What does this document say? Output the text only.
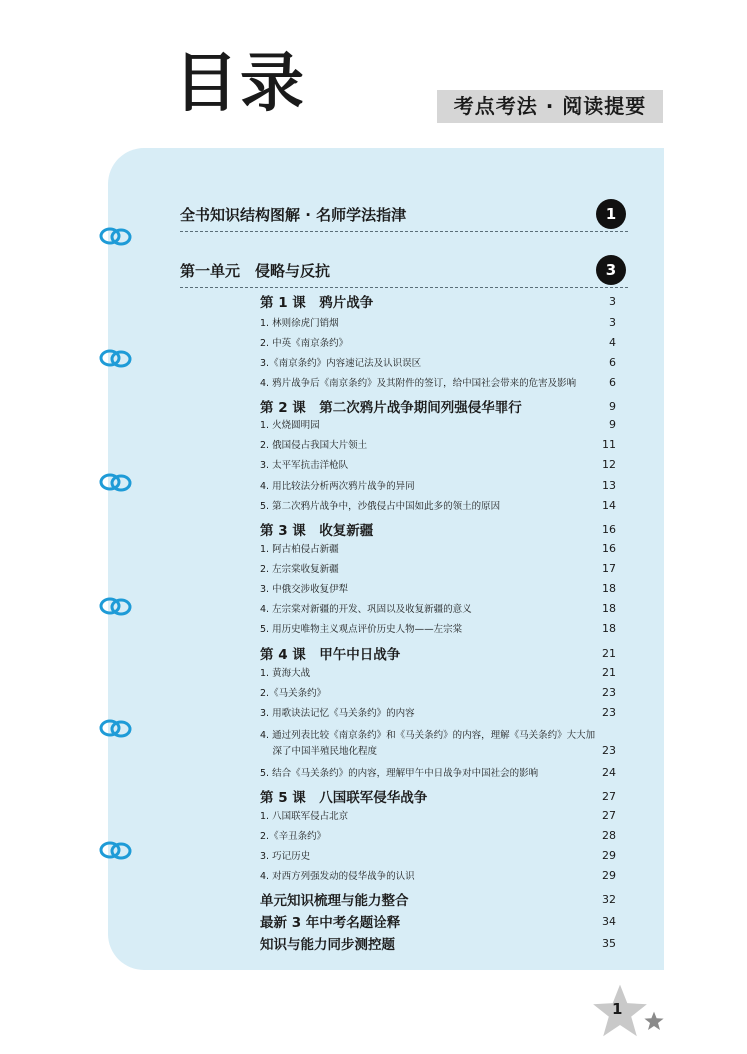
目录	考点考法 · 阅读提要
全书知识结构图解 · 名师学法指津	1
第一单元　侵略与反抗	3
第 1 课　鸦片战争	3
1. 林则徐虎门销烟	3
2. 中英《南京条约》	4
3.《南京条约》内容速记法及认识误区	6
4. 鸦片战争后《南京条约》及其附件的签订，给中国社会带来的危害及影响	6
第 2 课　第二次鸦片战争期间列强侵华罪行	9
1. 火烧圆明园	9
2. 俄国侵占我国大片领土	11
3. 太平军抗击洋枪队	12
4. 用比较法分析两次鸦片战争的异同	13
5. 第二次鸦片战争中，沙俄侵占中国如此多的领土的原因	14
第 3 课　收复新疆	16
1. 阿古柏侵占新疆	16
2. 左宗棠收复新疆	17
3. 中俄交涉收复伊犁	18
4. 左宗棠对新疆的开发、巩固以及收复新疆的意义	18
5. 用历史唯物主义观点评价历史人物——左宗棠	18
第 4 课　甲午中日战争	21
1. 黄海大战	21
2.《马关条约》	23
3. 用歌诀法记忆《马关条约》的内容	23
4. 通过列表比较《南京条约》和《马关条约》的内容，理解《马关条约》大大加
　 深了中国半殖民地化程度	23
5. 结合《马关条约》的内容，理解甲午中日战争对中国社会的影响	24
第 5 课　八国联军侵华战争	27
1. 八国联军侵占北京	27
2.《辛丑条约》	28
3. 巧记历史	29
4. 对西方列强发动的侵华战争的认识	29
单元知识梳理与能力整合	32
最新 3 年中考名题诠释	34
知识与能力同步测控题	35
1
